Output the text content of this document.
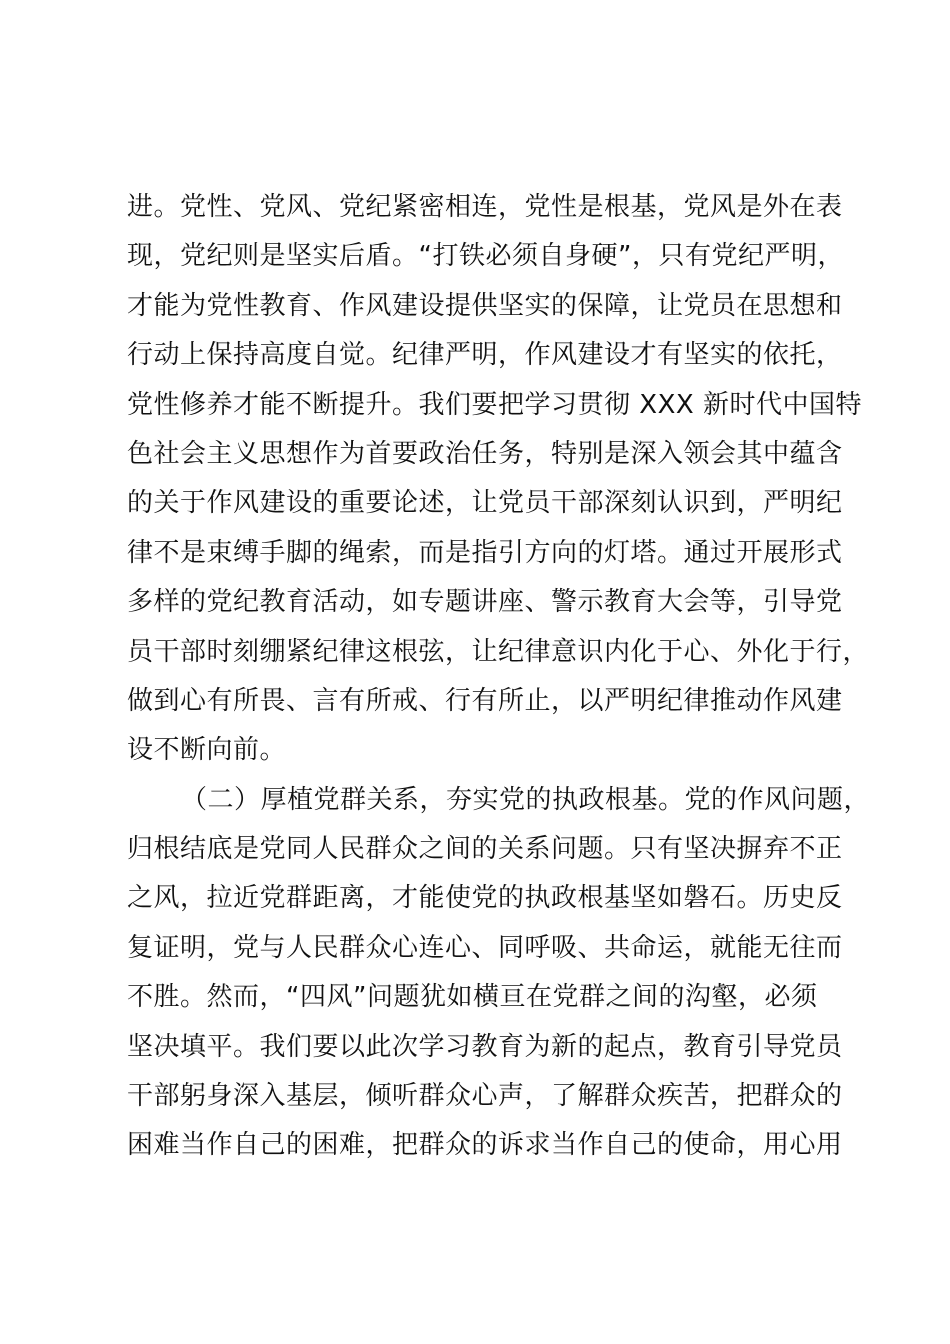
进。党性、党风、党纪紧密相连，党性是根基，党风是外在表
现，党纪则是坚实后盾。“打铁必须自身硬”，只有党纪严明，
才能为党性教育、作风建设提供坚实的保障，让党员在思想和
行动上保持高度自觉。纪律严明，作风建设才有坚实的依托，
党性修养才能不断提升。我们要把学习贯彻 XXX 新时代中国特
色社会主义思想作为首要政治任务，特别是深入领会其中蕴含
的关于作风建设的重要论述，让党员干部深刻认识到，严明纪
律不是束缚手脚的绳索，而是指引方向的灯塔。通过开展形式
多样的党纪教育活动，如专题讲座、警示教育大会等，引导党
员干部时刻绷紧纪律这根弦，让纪律意识内化于心、外化于行，
做到心有所畏、言有所戒、行有所止，以严明纪律推动作风建
设不断向前。
（二）厚植党群关系，夯实党的执政根基。党的作风问题，
归根结底是党同人民群众之间的关系问题。只有坚决摒弃不正
之风，拉近党群距离，才能使党的执政根基坚如磐石。历史反
复证明，党与人民群众心连心、同呼吸、共命运，就能无往而
不胜。然而，“四风”问题犹如横亘在党群之间的沟壑，必须
坚决填平。我们要以此次学习教育为新的起点，教育引导党员
干部躬身深入基层，倾听群众心声，了解群众疾苦，把群众的
困难当作自己的困难，把群众的诉求当作自己的使命，用心用
